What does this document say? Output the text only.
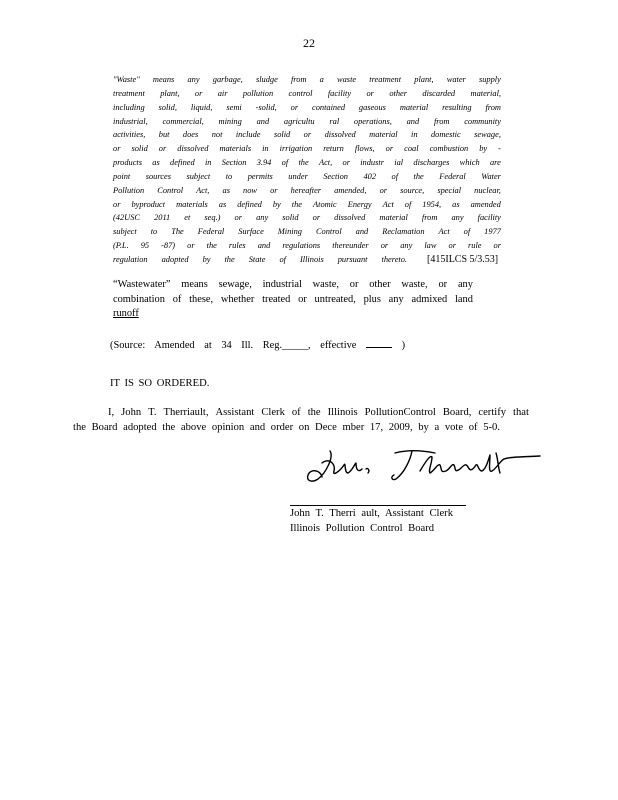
22
"Waste" means any garbage, sludge from a waste treatment plant, water supply
treatment plant, or air pollution control facility or other discarded material,
including solid, liquid, semi -solid, or contained gaseous material resulting from
industrial, commercial, mining and agricultu ral operations, and from community
activities, but does not include solid or dissolved material in domestic sewage,
or solid or dissolved materials in irrigation return flows, or coal combustion by -
products as defined in Section 3.94 of the Act, or industr ial discharges which are
point sources subject to permits under Section 402 of the Federal Water
Pollution Control Act, as now or hereafter amended, or source, special nuclear,
or byproduct materials as defined by the Atomic Energy Act of 1954, as amended
(42USC 2011 et seq.) or any solid or dissolved material from any facility
subject to The Federal Surface Mining Control and Reclamation Act of 1977
(P.L. 95 -87) or the rules and regulations thereunder or any law or rule or
regulation adopted by the State of Illinois pursuant thereto. [415ILCS 5/3.53]
“Wastewater” means sewage, industrial waste, or other waste, or any
combination of these, whether treated or untreated, plus any admixed land
runoff
(Source: Amended at 34 Ill. Reg._____, effective	)
IT IS SO ORDERED.
I, John T. Therriault, Assistant Clerk of the Illinois PollutionControl Board, certify that
the Board adopted the above opinion and order on Dece mber 17, 2009, by a vote of 5-0.
John T. Therriault
John T. Therri ault, Assistant Clerk
Illinois Pollution Control Board
